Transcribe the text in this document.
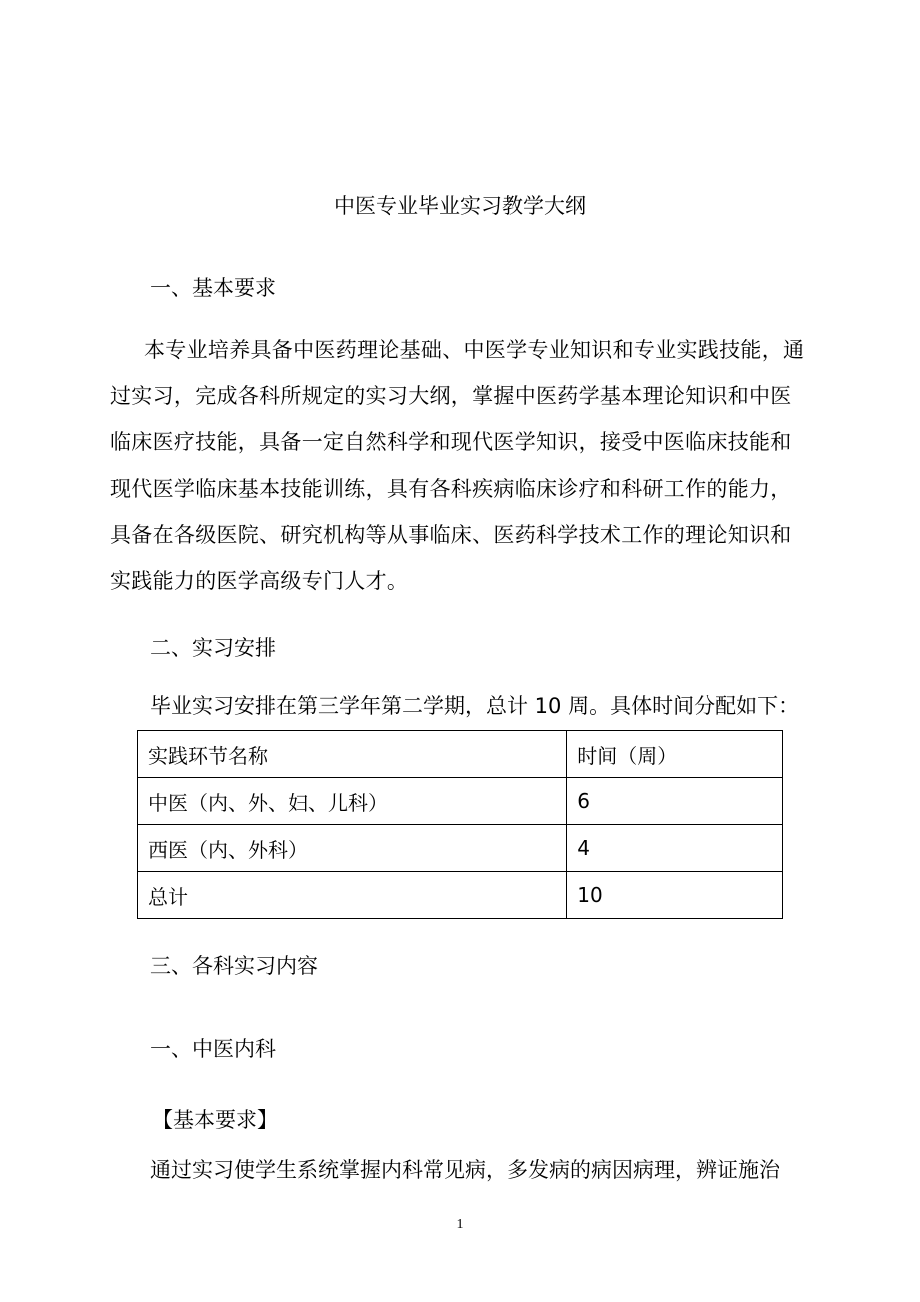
中医专业毕业实习教学大纲
一、基本要求
本专业培养具备中医药理论基础、中医学专业知识和专业实践技能，通过实习，完成各科所规定的实习大纲，掌握中医药学基本理论知识和中医临床医疗技能，具备一定自然科学和现代医学知识，接受中医临床技能和现代医学临床基本技能训练，具有各科疾病临床诊疗和科研工作的能力，具备在各级医院、研究机构等从事临床、医药科学技术工作的理论知识和实践能力的医学高级专门人才。
二、实习安排
毕业实习安排在第三学年第二学期，总计 10 周。具体时间分配如下：
实践环节名称	时间（周）
中医（内、外、妇、儿科）	6
西医（内、外科）	4
总计	10
三、各科实习内容
一、中医内科
【基本要求】
通过实习使学生系统掌握内科常见病，多发病的病因病理，辨证施治
1
